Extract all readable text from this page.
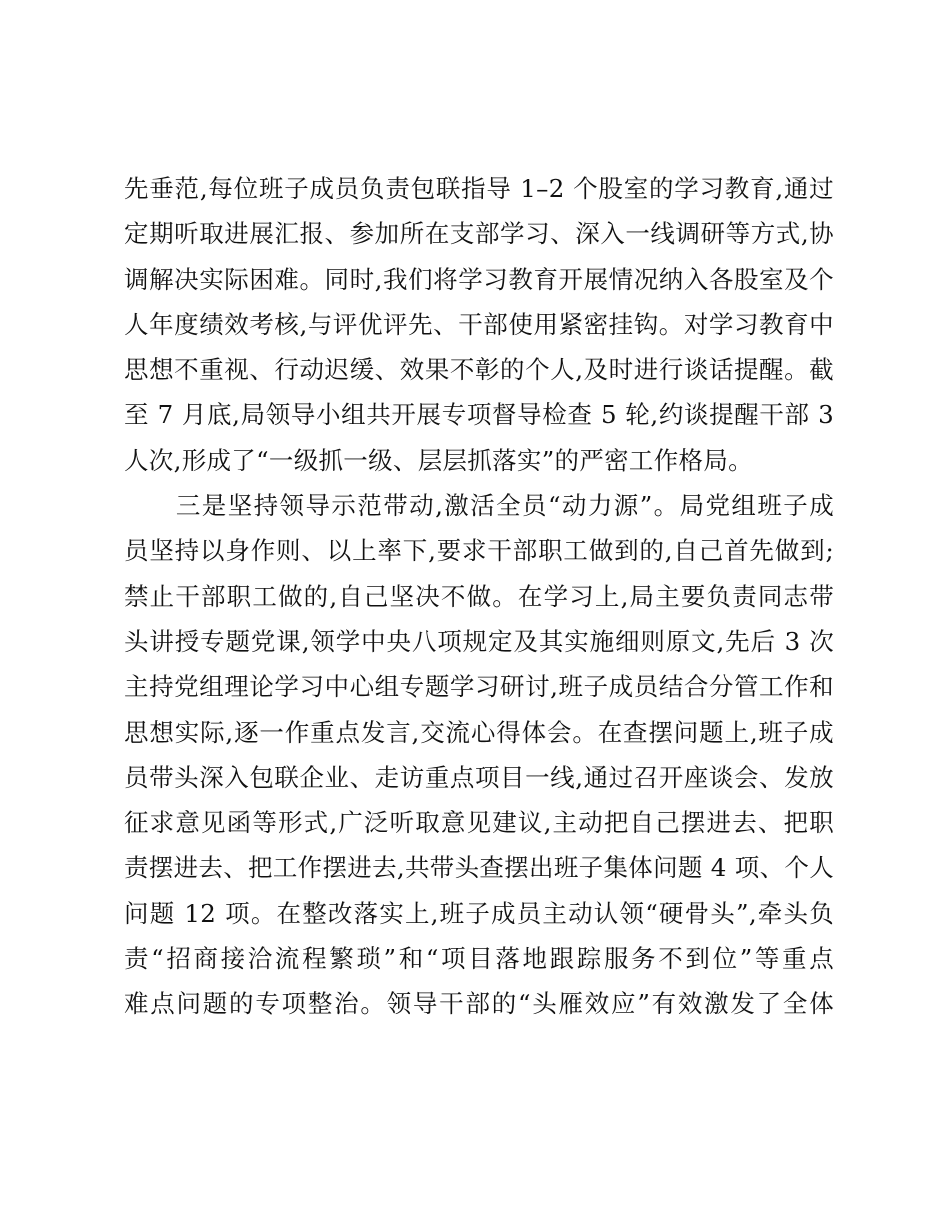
先垂范,每位班子成员负责包联指导 1–2 个股室的学习教育,通过
定期听取进展汇报、参加所在支部学习、深入一线调研等方式,协
调解决实际困难。同时,我们将学习教育开展情况纳入各股室及个
人年度绩效考核,与评优评先、干部使用紧密挂钩。对学习教育中
思想不重视、行动迟缓、效果不彰的个人,及时进行谈话提醒。截
至 7 月底,局领导小组共开展专项督导检查 5 轮,约谈提醒干部 3
人次,形成了“一级抓一级、层层抓落实”的严密工作格局。
　　三是坚持领导示范带动,激活全员“动力源”。局党组班子成
员坚持以身作则、以上率下,要求干部职工做到的,自己首先做到;
禁止干部职工做的,自己坚决不做。在学习上,局主要负责同志带
头讲授专题党课,领学中央八项规定及其实施细则原文,先后 3 次
主持党组理论学习中心组专题学习研讨,班子成员结合分管工作和
思想实际,逐一作重点发言,交流心得体会。在查摆问题上,班子成
员带头深入包联企业、走访重点项目一线,通过召开座谈会、发放
征求意见函等形式,广泛听取意见建议,主动把自己摆进去、把职
责摆进去、把工作摆进去,共带头查摆出班子集体问题 4 项、个人
问题 12 项。在整改落实上,班子成员主动认领“硬骨头”,牵头负
责“招商接洽流程繁琐”和“项目落地跟踪服务不到位”等重点
难点问题的专项整治。领导干部的“头雁效应”有效激发了全体
